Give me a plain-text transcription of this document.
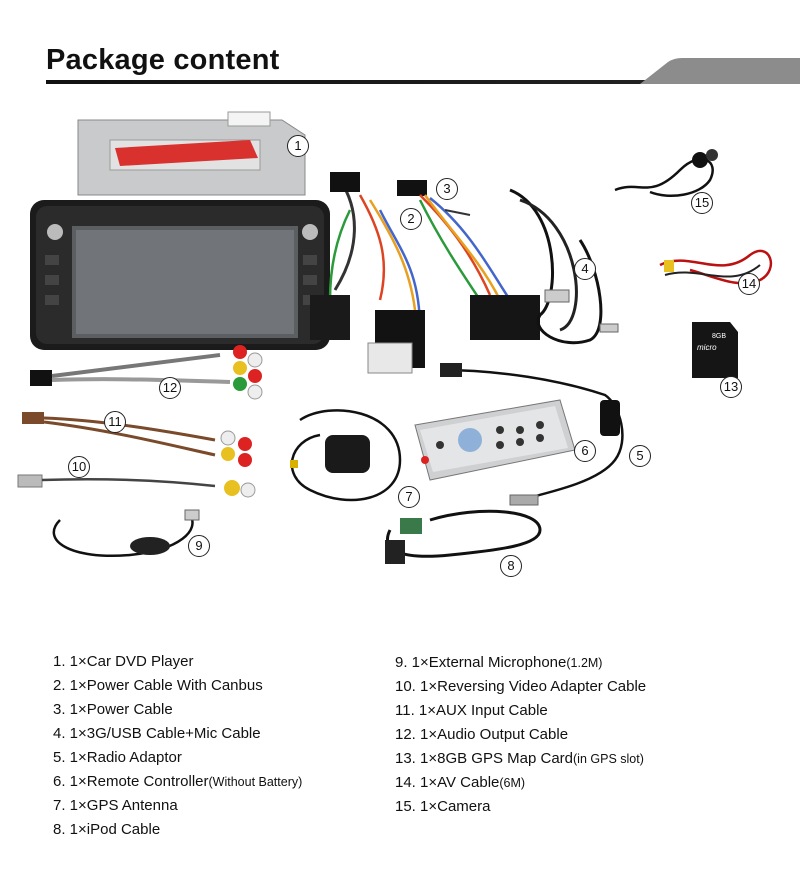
Package content
8GB
micro
1
2
3
4
5
6
7
8
9
10
11
12	13
14
15
1. 1×Car DVD Player
2. 1×Power Cable With Canbus
3. 1×Power Cable
4. 1×3G/USB Cable+Mic Cable
5. 1×Radio Adaptor
6. 1×Remote Controller(Without Battery)
7. 1×GPS Antenna
8. 1×iPod Cable
9. 1×External Microphone(1.2M)
10. 1×Reversing Video Adapter Cable
11. 1×AUX Input Cable
12. 1×Audio Output Cable
13. 1×8GB GPS Map Card(in GPS slot)
14. 1×AV Cable(6M)
15. 1×Camera
